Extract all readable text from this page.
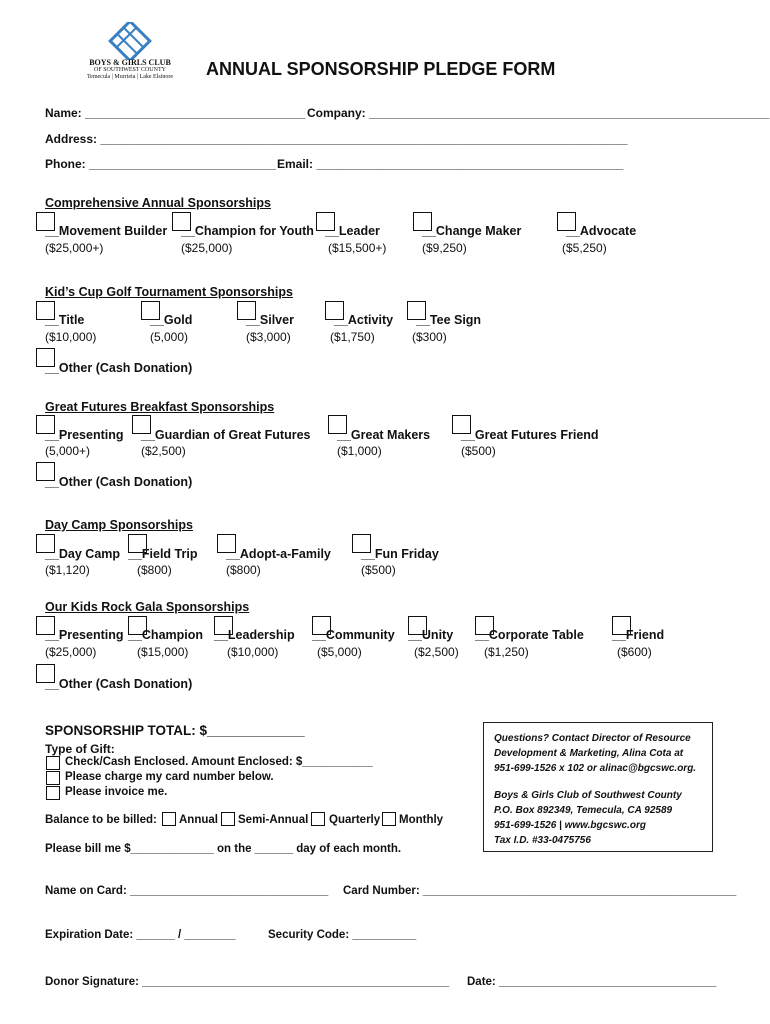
BOYS & GIRLS CLUB
OF SOUTHWEST COUNTY
Temecula | Murrieta | Lake Elsinore	ANNUAL SPONSORSHIP PLEDGE FORM
Name: _________________________________ Company: ____________________________________________________________
Address: _______________________________________________________________________________
Phone: ____________________________ Email: ______________________________________________
Comprehensive Annual Sponsorships
__Movement Builder
($25,000+)
__Champion for Youth
($25,000)
__Leader
($15,500+)
__Change Maker
($9,250)
__Advocate
($5,250)
Kid’s Cup Golf Tournament Sponsorships
__Title
($10,000)
__Gold
(5,000)
__Silver
($3,000)
__Activity
($1,750)
__Tee Sign
($300)
__Other (Cash Donation)
Great Futures Breakfast Sponsorships
__Presenting
(5,000+)
__Guardian of Great Futures
($2,500)
__Great Makers
($1,000)
__Great Futures Friend
($500)
__Other (Cash Donation)
Day Camp Sponsorships
__Day Camp
($1,120)
__Field Trip
($800)
__Adopt-a-Family
($800)
__Fun Friday
($500)
Our Kids Rock Gala Sponsorships
__Presenting
($25,000)
__Champion
($15,000)
__Leadership
($10,000)
__Community
($5,000)
__Unity
($2,500)
__Corporate Table
($1,250)
__Friend
($600)
__Other (Cash Donation)
SPONSORSHIP TOTAL: $_____________
Type of Gift:
Check/Cash Enclosed. Amount Enclosed: $___________
Please charge my card number below.
Please invoice me.
Balance to be billed: Annual Semi-Annual Quarterly Monthly
Please bill me $_____________ on the ______ day of each month.
Questions? Contact Director of Resource
Development & Marketing, Alina Cota at
951-699-1526 x 102 or alinac@bgcswc.org.
Boys & Girls Club of Southwest County
P.O. Box 892349, Temecula, CA 92589
951-699-1526 | www.bgcswc.org
Tax I.D. #33-0475756
Name on Card: _______________________________ Card Number: _________________________________________________
Expiration Date: ______ / ________	Security Code: __________
Donor Signature: ________________________________________________ Date: __________________________________
